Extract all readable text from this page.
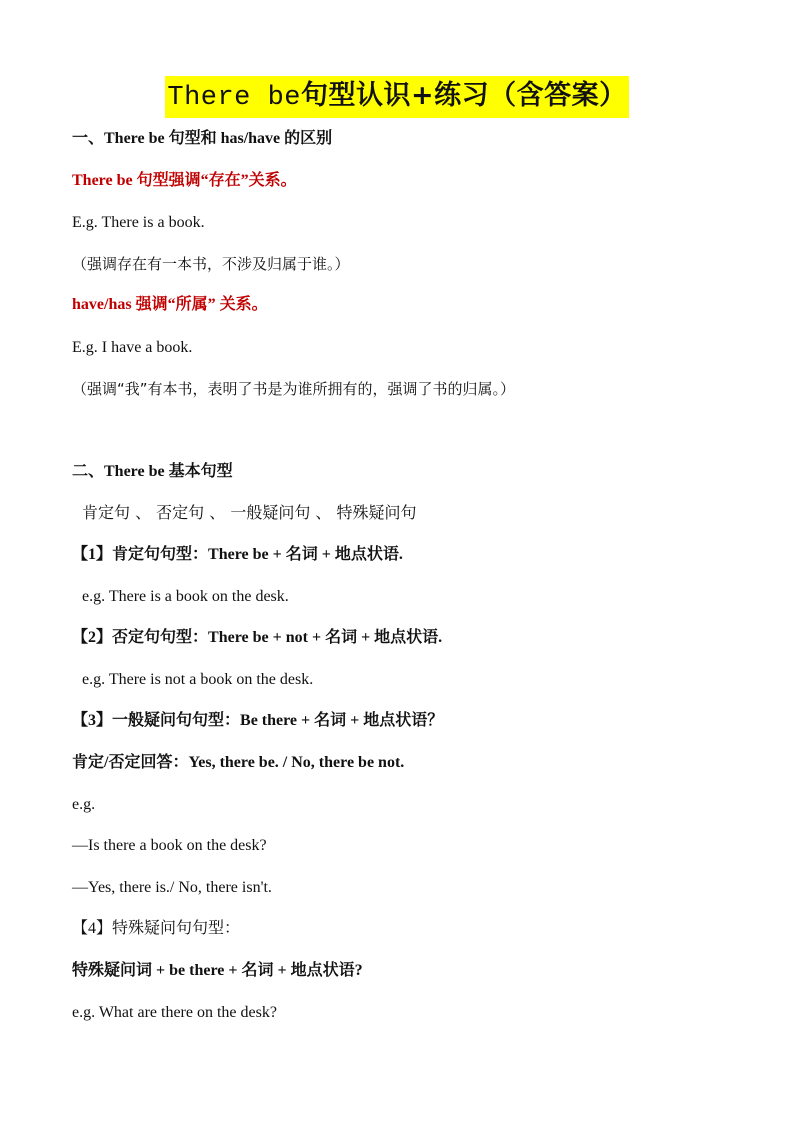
There be句型认识+练习（含答案）
一、There be 句型和 has/have 的区别
There be 句型强调“存在”关系。
E.g. There is a book.
（强调存在有一本书，不涉及归属于谁。）
have/has 强调“所属” 关系。
E.g. I have a book.
（强调“我”有本书，表明了书是为谁所拥有的，强调了书的归属。）
二、There be 基本句型
肯定句 、 否定句 、 一般疑问句 、 特殊疑问句
【1】肯定句句型：There be + 名词 + 地点状语.
e.g. There is a book on the desk.
【2】否定句句型：There be + not + 名词 + 地点状语.
e.g. There is not a book on the desk.
【3】一般疑问句句型：Be there + 名词 + 地点状语？
肯定/否定回答：Yes, there be. / No, there be not.
e.g.
—Is there a book on the desk?
—Yes, there is./ No, there isn't.
【4】特殊疑问句句型：
特殊疑问词 + be there + 名词 + 地点状语?
e.g. What are there on the desk?
